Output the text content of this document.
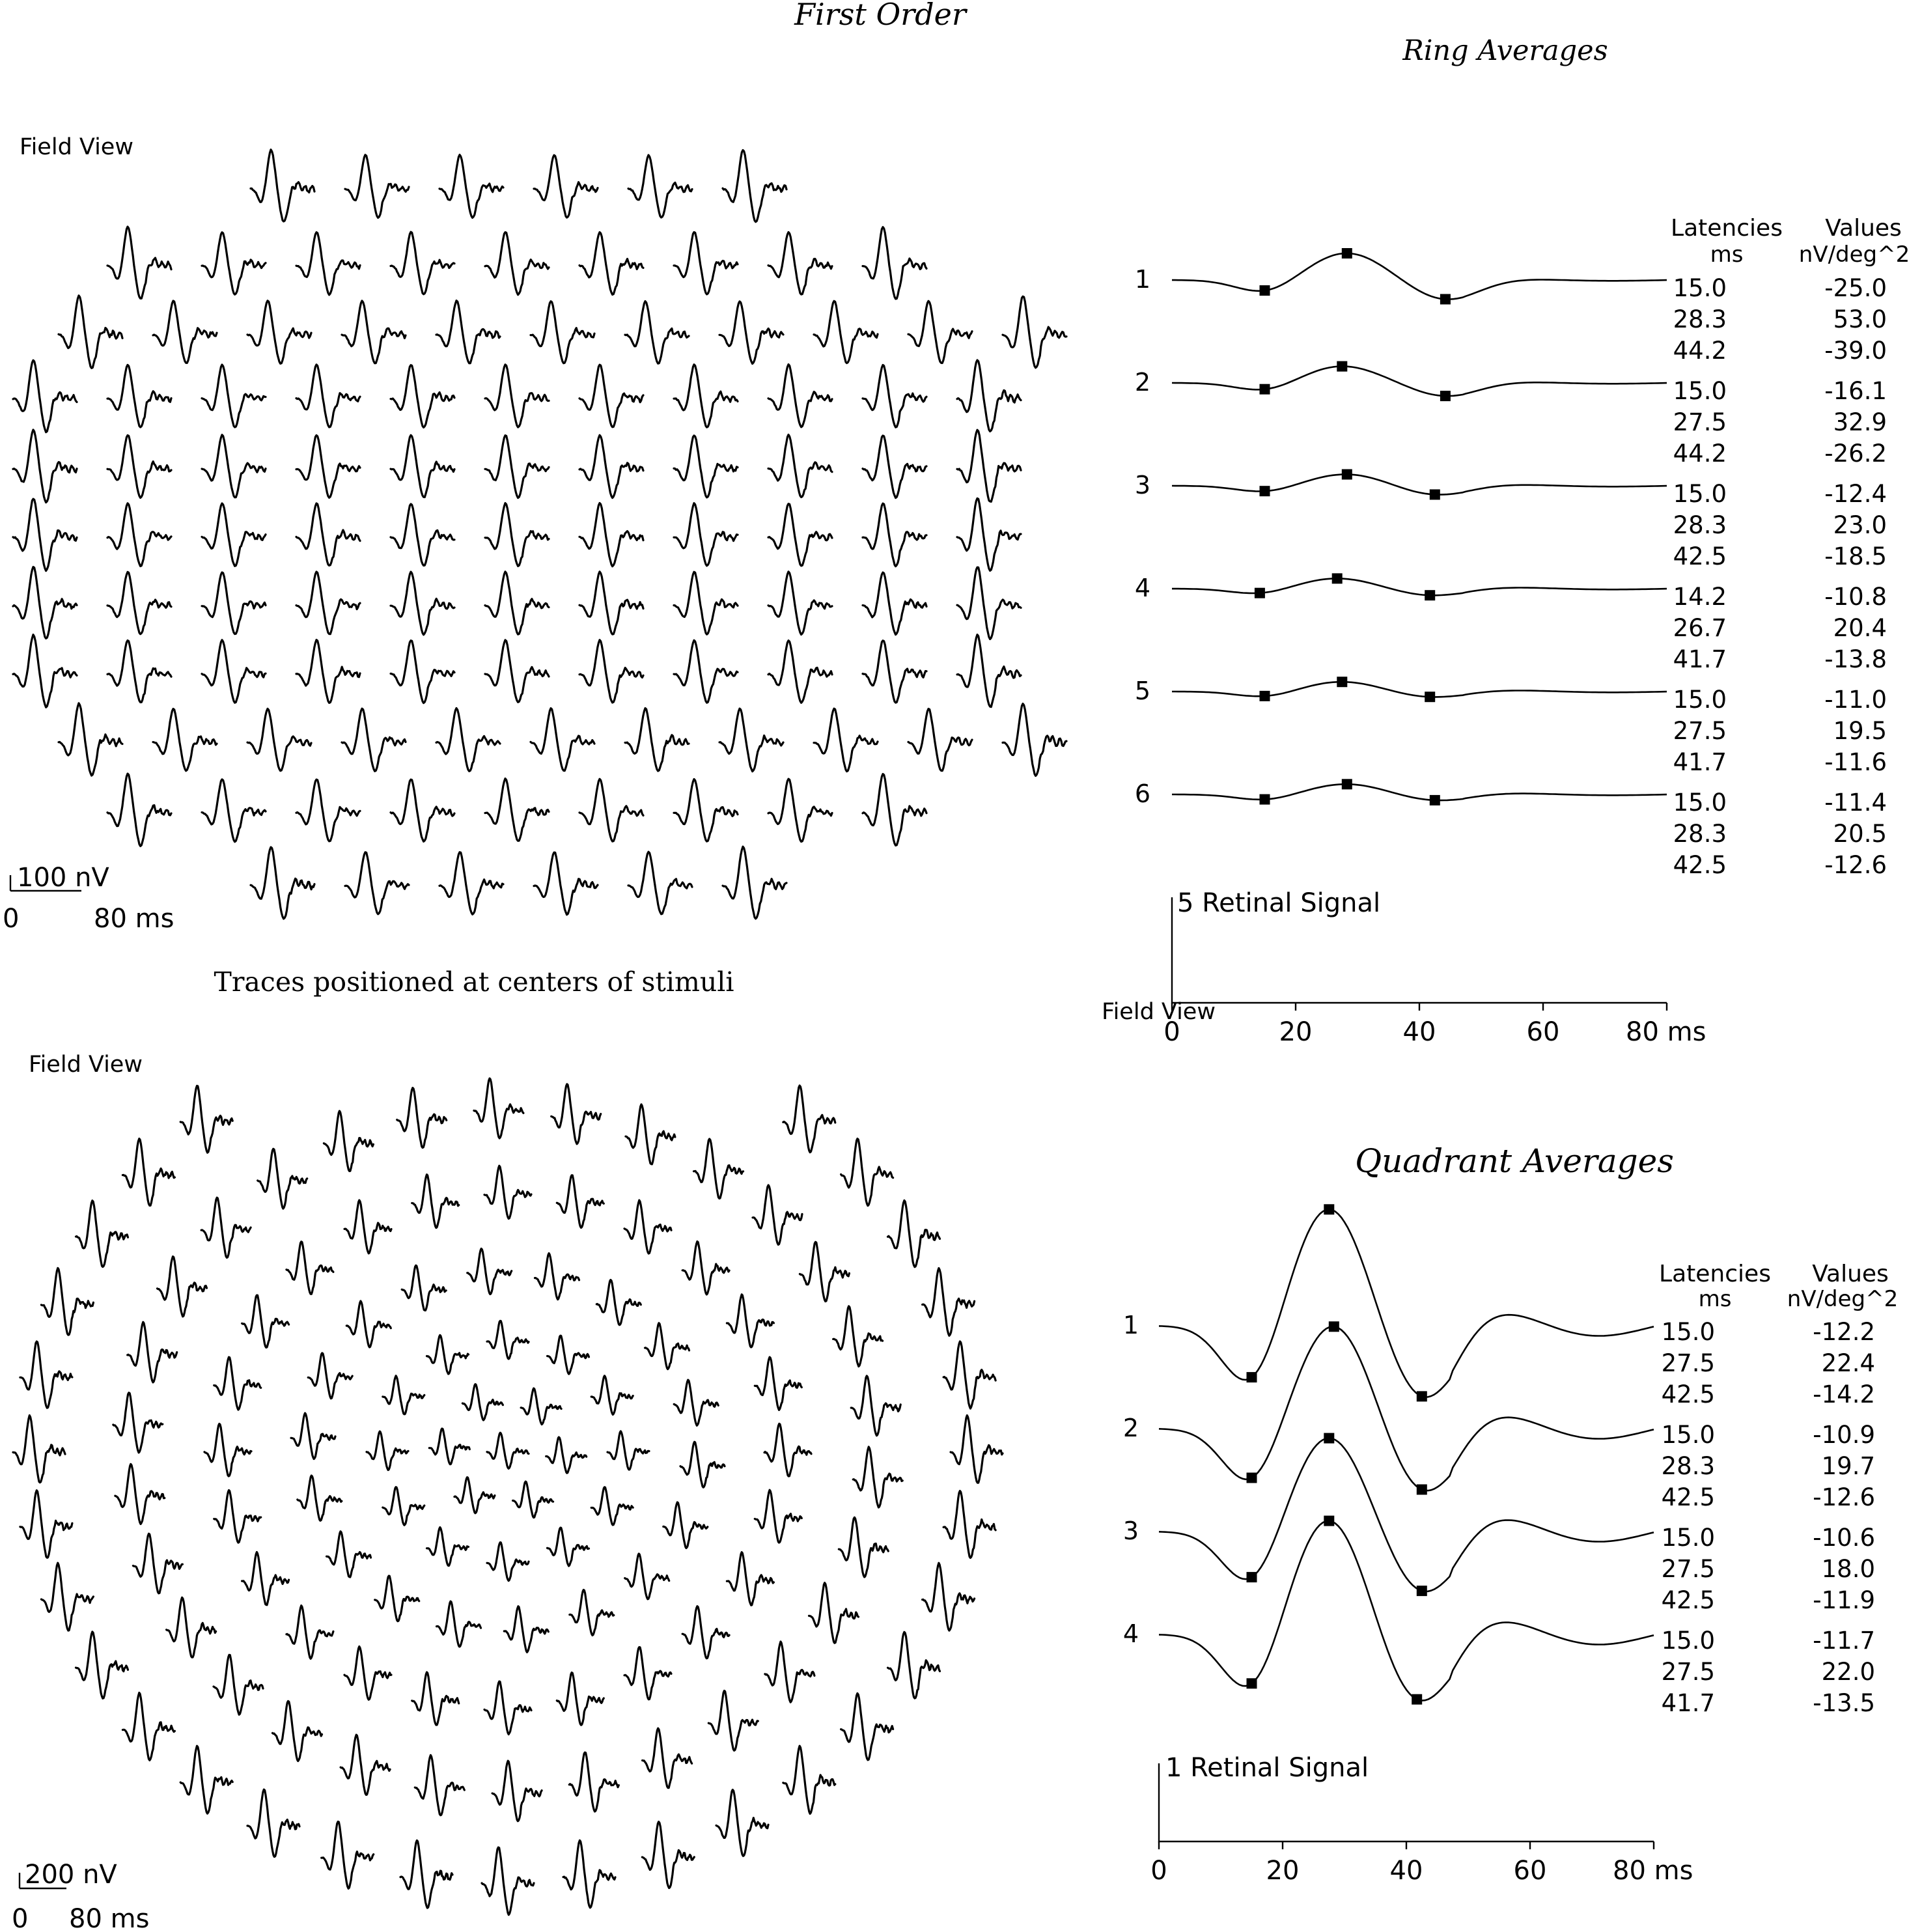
First Order
Field View
100 nV
0	80 ms
Traces positioned at centers of stimuli
Field View
200 nV
0 80 ms
Ring Averages
Latencies
ms
Values
nV/deg^2
1	15.0	-25.0
28.3	53.0
44.2	-39.0
2	15.0	-16.1
27.5	32.9
44.2	-26.2
3	15.0	-12.4
28.3	23.0
42.5	-18.5
4	14.2	-10.8
26.7	20.4
41.7	-13.8
5	15.0	-11.0
27.5	19.5
41.7	-11.6
6	15.0	-11.4
28.3	20.5
42.5	-12.6
5 Retinal Signal
Field View
0	20	40	60	80 ms
Quadrant Averages
Latencies
ms
Values
nV/deg^2
1	15.0	-12.2
27.5	22.4
42.5	-14.2
2	15.0	-10.9
28.3	19.7
42.5	-12.6
3	15.0	-10.6
27.5	18.0
42.5	-11.9
4	15.0	-11.7
27.5	22.0
41.7	-13.5
1 Retinal Signal
0	20	40	60	80 ms
